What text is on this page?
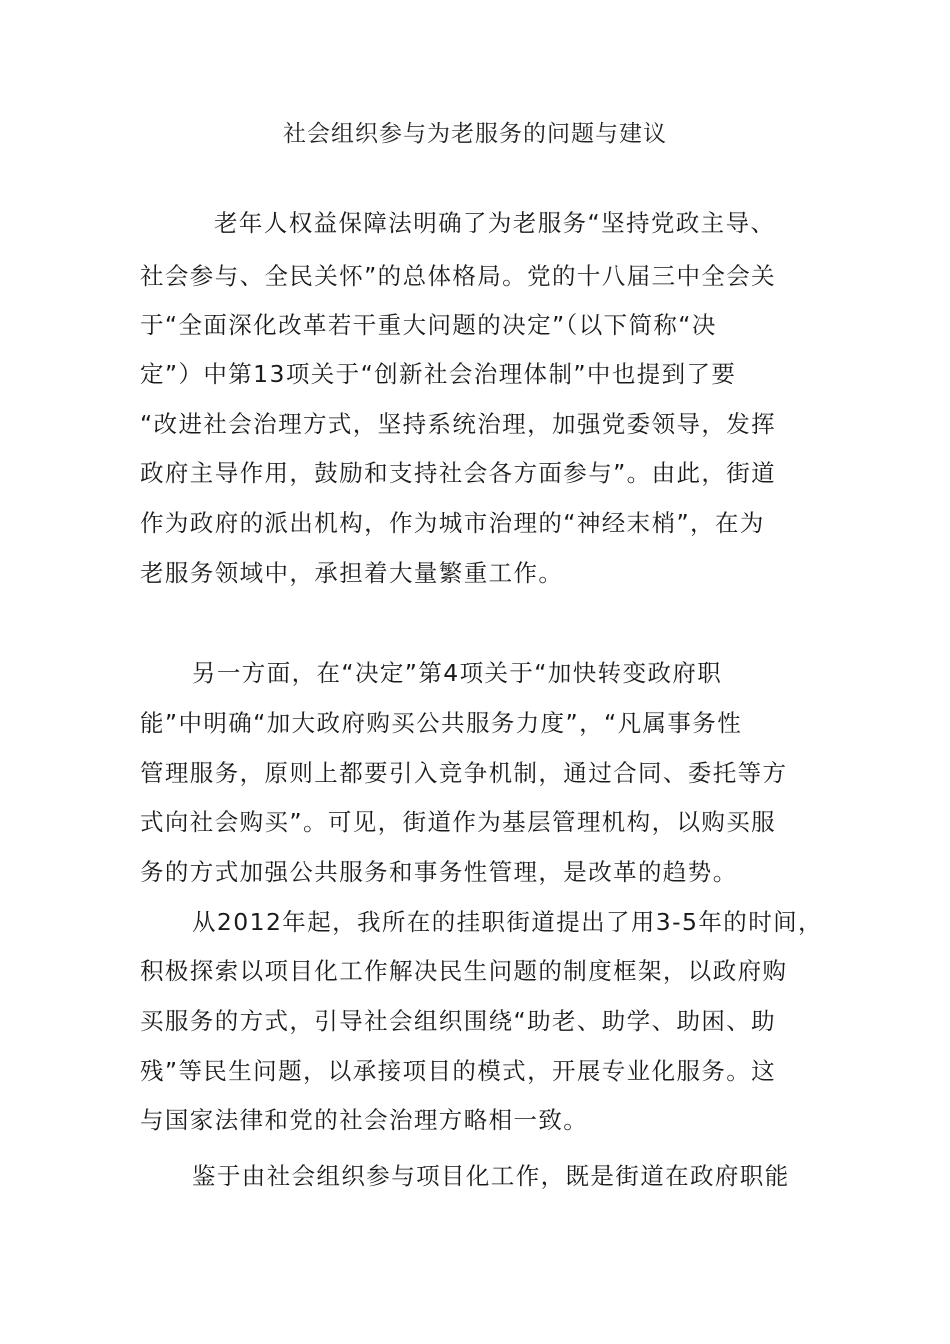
社会组织参与为老服务的问题与建议
老年人权益保障法明确了为老服务“坚持党政主导、
社会参与、全民关怀”的总体格局。党的十八届三中全会关
于“全面深化改革若干重大问题的决定”（以下简称“决
定”）中第13项关于“创新社会治理体制”中也提到了要
“改进社会治理方式，坚持系统治理，加强党委领导，发挥
政府主导作用，鼓励和支持社会各方面参与”。由此，街道
作为政府的派出机构，作为城市治理的“神经末梢”，在为
老服务领域中，承担着大量繁重工作。
另一方面，在“决定”第4项关于“加快转变政府职
能”中明确“加大政府购买公共服务力度”，“凡属事务性
管理服务，原则上都要引入竞争机制，通过合同、委托等方
式向社会购买”。可见，街道作为基层管理机构，以购买服
务的方式加强公共服务和事务性管理，是改革的趋势。
从2012年起，我所在的挂职街道提出了用3-5年的时间，
积极探索以项目化工作解决民生问题的制度框架，以政府购
买服务的方式，引导社会组织围绕“助老、助学、助困、助
残”等民生问题，以承接项目的模式，开展专业化服务。这
与国家法律和党的社会治理方略相一致。
鉴于由社会组织参与项目化工作，既是街道在政府职能
